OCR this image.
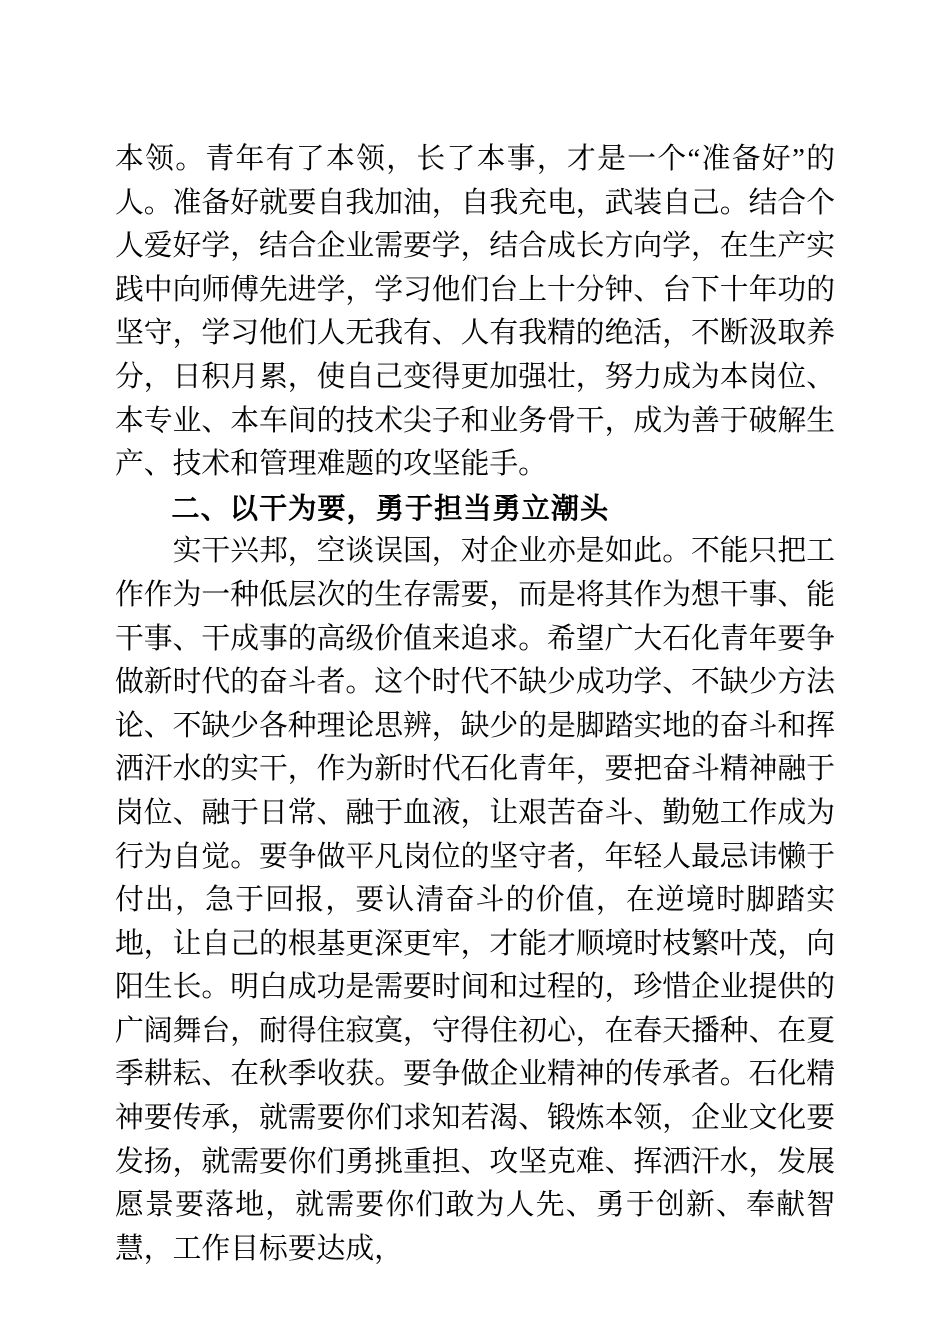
本领。青年有了本领，长了本事，才是一个“准备好”的人。准备好就要自我加油，自我充电，武装自己。结合个人爱好学，结合企业需要学，结合成长方向学，在生产实践中向师傅先进学，学习他们台上十分钟、台下十年功的坚守，学习他们人无我有、人有我精的绝活，不断汲取养分，日积月累，使自己变得更加强壮，努力成为本岗位、本专业、本车间的技术尖子和业务骨干，成为善于破解生产、技术和管理难题的攻坚能手。

二、以干为要，勇于担当勇立潮头

实干兴邦，空谈误国，对企业亦是如此。不能只把工作作为一种低层次的生存需要，而是将其作为想干事、能干事、干成事的高级价值来追求。希望广大石化青年要争做新时代的奋斗者。这个时代不缺少成功学、不缺少方法论、不缺少各种理论思辨，缺少的是脚踏实地的奋斗和挥洒汗水的实干，作为新时代石化青年，要把奋斗精神融于岗位、融于日常、融于血液，让艰苦奋斗、勤勉工作成为行为自觉。要争做平凡岗位的坚守者，年轻人最忌讳懒于付出，急于回报，要认清奋斗的价值，在逆境时脚踏实地，让自己的根基更深更牢，才能才顺境时枝繁叶茂，向阳生长。明白成功是需要时间和过程的，珍惜企业提供的广阔舞台，耐得住寂寞，守得住初心，在春天播种、在夏季耕耘、在秋季收获。要争做企业精神的传承者。石化精神要传承，就需要你们求知若渴、锻炼本领，企业文化要发扬，就需要你们勇挑重担、攻坚克难、挥洒汗水，发展愿景要落地，就需要你们敢为人先、勇于创新、奉献智慧，工作目标要达成，
